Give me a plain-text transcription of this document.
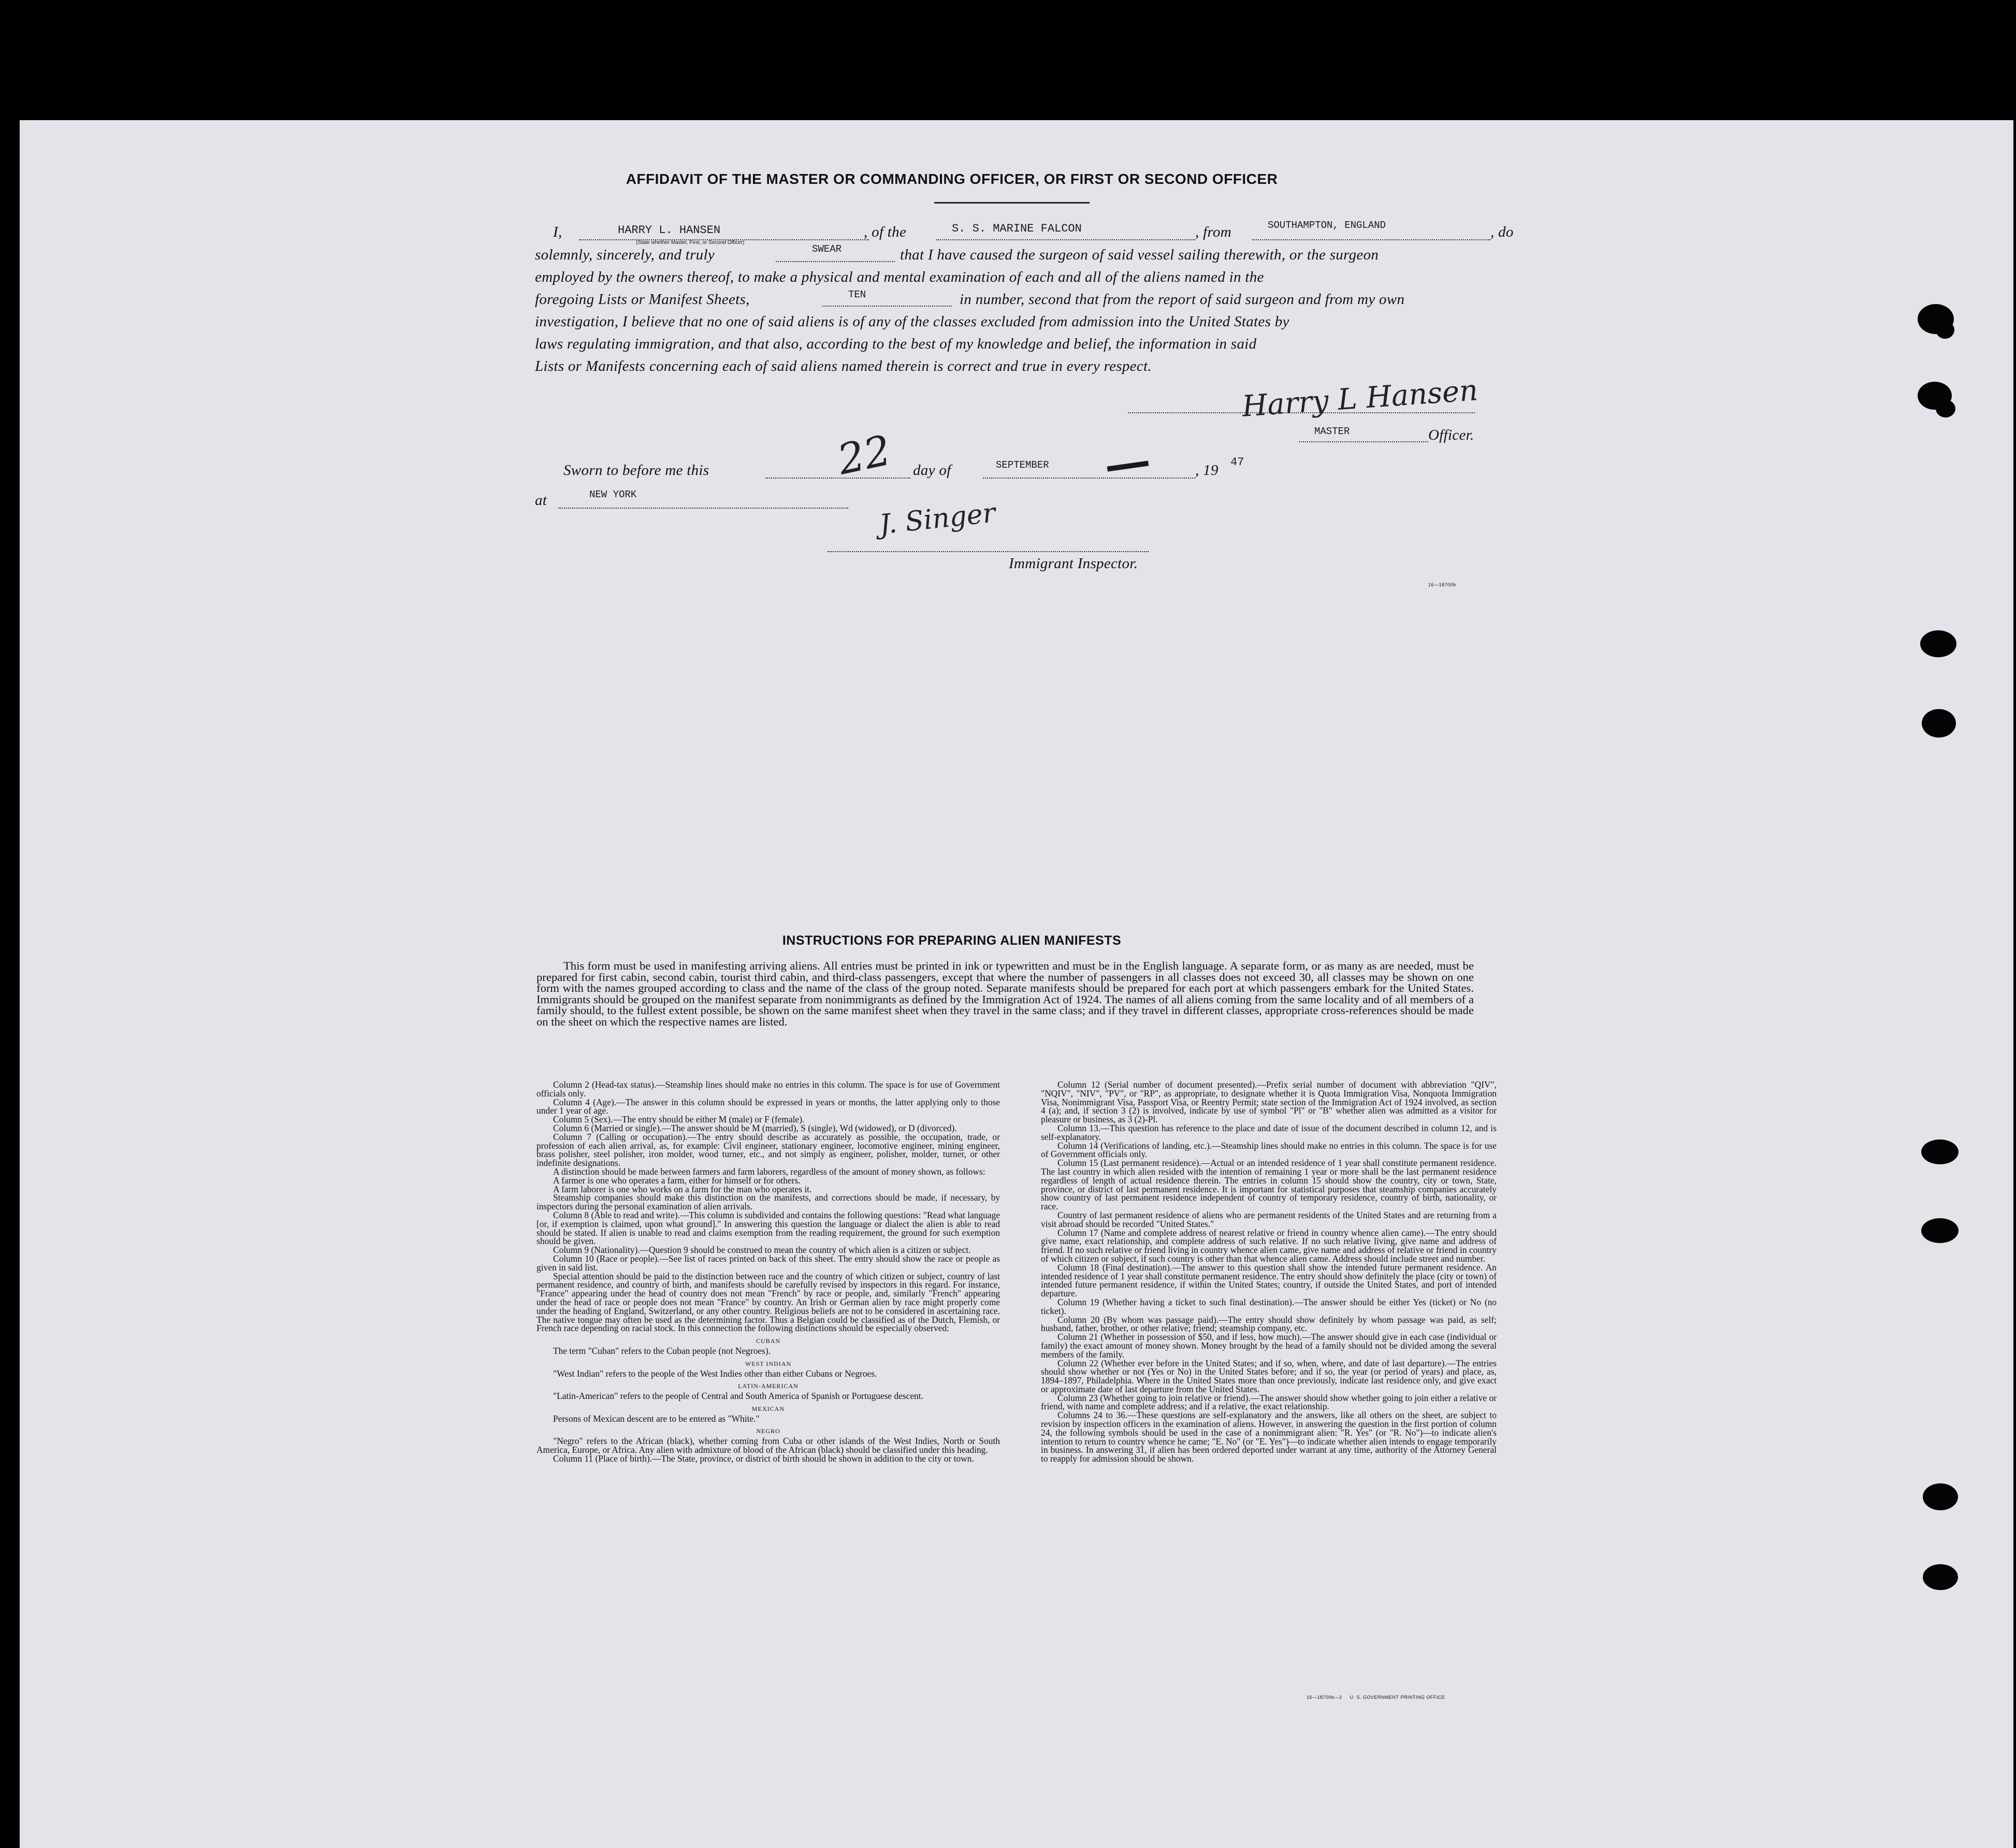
AFFIDAVIT OF THE MASTER OR COMMANDING OFFICER, OR FIRST OR SECOND OFFICER
I,	HARRY L. HANSEN
(State whether Master, First, or Second Officer)
, of the	S. S. MARINE FALCON	, from	SOUTHAMPTON, ENGLAND	, do
solemnly, sincerely, and truly	SWEAR	that I have caused the surgeon of said vessel sailing therewith, or the surgeon
employed by the owners thereof, to make a physical and mental examination of each and all of the aliens named in the
foregoing Lists or Manifest Sheets,	TEN	in number, second that from the report of said surgeon and from my own
investigation, I believe that no one of said aliens is of any of the classes excluded from admission into the United States by
laws regulating immigration, and that also, according to the best of my knowledge and belief, the information in said
Lists or Manifests concerning each of said aliens named therein is correct and true in every respect.
Harry L Hansen
MASTER	Officer.
Sworn to before me this	22 day of	SEPTEMBER	, 19 47
at	NEW YORK
J. Singer
Immigrant Inspector.
16—18700b
INSTRUCTIONS FOR PREPARING ALIEN MANIFESTS
This form must be used in manifesting arriving aliens. All entries must be printed in ink or typewritten and must be in the English language. A separate form, or as many as are needed, must be prepared for first cabin, second cabin, tourist third cabin, and third-class passengers, except that where the number of passengers in all classes does not exceed 30, all classes may be shown on one form with the names grouped according to class and the name of the class of the group noted. Separate manifests should be prepared for each port at which passengers embark for the United States. Immigrants should be grouped on the manifest separate from nonimmigrants as defined by the Immigration Act of 1924. The names of all aliens coming from the same locality and of all members of a family should, to the fullest extent possible, be shown on the same manifest sheet when they travel in the same class; and if they travel in different classes, appropriate cross-references should be made on the sheet on which the respective names are listed.

Column 2 (Head-tax status).—Steamship lines should make no entries in this column. The space is for use of Government officials only.

Column 4 (Age).—The answer in this column should be expressed in years or months, the latter applying only to those under 1 year of age.

Column 5 (Sex).—The entry should be either M (male) or F (female).

Column 6 (Married or single).—The answer should be M (married), S (single), Wd (widowed), or D (divorced).

Column 7 (Calling or occupation).—The entry should describe as accurately as possible, the occupation, trade, or profession of each alien arrival, as, for example: Civil engineer, stationary engineer, locomotive engineer, mining engineer, brass polisher, steel polisher, iron molder, wood turner, etc., and not simply as engineer, polisher, molder, turner, or other indefinite designations.

A distinction should be made between farmers and farm laborers, regardless of the amount of money shown, as follows:

A farmer is one who operates a farm, either for himself or for others.

A farm laborer is one who works on a farm for the man who operates it.

Steamship companies should make this distinction on the manifests, and corrections should be made, if necessary, by inspectors during the personal examination of alien arrivals.

Column 8 (Able to read and write).—This column is subdivided and contains the following questions: "Read what language [or, if exemption is claimed, upon what ground]." In answering this question the language or dialect the alien is able to read should be stated. If alien is unable to read and claims exemption from the reading requirement, the ground for such exemption should be given.

Column 9 (Nationality).—Question 9 should be construed to mean the country of which alien is a citizen or subject.

Column 10 (Race or people).—See list of races printed on back of this sheet. The entry should show the race or people as given in said list.

Special attention should be paid to the distinction between race and the country of which citizen or subject, country of last permanent residence, and country of birth, and manifests should be carefully revised by inspectors in this regard. For instance, "France" appearing under the head of country does not mean "French" by race or people, and, similarly "French" appearing under the head of race or people does not mean "France" by country. An Irish or German alien by race might properly come under the heading of England, Switzerland, or any other country. Religious beliefs are not to be considered in ascertaining race. The native tongue may often be used as the determining factor. Thus a Belgian could be classified as of the Dutch, Flemish, or French race depending on racial stock. In this connection the following distinctions should be especially observed:

CUBAN

The term "Cuban" refers to the Cuban people (not Negroes).

WEST INDIAN

"West Indian" refers to the people of the West Indies other than either Cubans or Negroes.

LATIN-AMERICAN

"Latin-American" refers to the people of Central and South America of Spanish or Portuguese descent.

MEXICAN

Persons of Mexican descent are to be entered as "White."

NEGRO

"Negro" refers to the African (black), whether coming from Cuba or other islands of the West Indies, North or South America, Europe, or Africa. Any alien with admixture of blood of the African (black) should be classified under this heading.

Column 11 (Place of birth).—The State, province, or district of birth should be shown in addition to the city or town.

Column 12 (Serial number of document presented).—Prefix serial number of document with abbreviation "QIV", "NQIV", "NIV", "PV", or "RP", as appropriate, to designate whether it is Quota Immigration Visa, Nonquota Immigration Visa, Nonimmigrant Visa, Passport Visa, or Reentry Permit; state section of the Immigration Act of 1924 involved, as section 4 (a); and, if section 3 (2) is involved, indicate by use of symbol "Pl" or "B" whether alien was admitted as a visitor for pleasure or business, as 3 (2)-Pl.

Column 13.—This question has reference to the place and date of issue of the document described in column 12, and is self-explanatory.

Column 14 (Verifications of landing, etc.).—Steamship lines should make no entries in this column. The space is for use of Government officials only.

Column 15 (Last permanent residence).—Actual or an intended residence of 1 year shall constitute permanent residence. The last country in which alien resided with the intention of remaining 1 year or more shall be the last permanent residence regardless of length of actual residence therein. The entries in column 15 should show the country, city or town, State, province, or district of last permanent residence. It is important for statistical purposes that steamship companies accurately show country of last permanent residence independent of country of temporary residence, country of birth, nationality, or race.

Country of last permanent residence of aliens who are permanent residents of the United States and are returning from a visit abroad should be recorded "United States."

Column 17 (Name and complete address of nearest relative or friend in country whence alien came).—The entry should give name, exact relationship, and complete address of such relative. If no such relative living, give name and address of friend. If no such relative or friend living in country whence alien came, give name and address of relative or friend in country of which citizen or subject, if such country is other than that whence alien came. Address should include street and number.

Column 18 (Final destination).—The answer to this question shall show the intended future permanent residence. An intended residence of 1 year shall constitute permanent residence. The entry should show definitely the place (city or town) of intended future permanent residence, if within the United States; country, if outside the United States, and port of intended departure.

Column 19 (Whether having a ticket to such final destination).—The answer should be either Yes (ticket) or No (no ticket).

Column 20 (By whom was passage paid).—The entry should show definitely by whom passage was paid, as self; husband, father, brother, or other relative; friend; steamship company, etc.

Column 21 (Whether in possession of $50, and if less, how much).—The answer should give in each case (individual or family) the exact amount of money shown. Money brought by the head of a family should not be divided among the several members of the family.

Column 22 (Whether ever before in the United States; and if so, when, where, and date of last departure).—The entries should show whether or not (Yes or No) in the United States before; and if so, the year (or period of years) and place, as, 1894–1897, Philadelphia. Where in the United States more than once previously, indicate last residence only, and give exact or approximate date of last departure from the United States.

Column 23 (Whether going to join relative or friend).—The answer should show whether going to join either a relative or friend, with name and complete address; and if a relative, the exact relationship.

Columns 24 to 36.—These questions are self-explanatory and the answers, like all others on the sheet, are subject to revision by inspection officers in the examination of aliens. However, in answering the question in the first portion of column 24, the following symbols should be used in the case of a nonimmigrant alien: "R. Yes" (or "R. No")—to indicate alien's intention to return to country whence he came; "E. No" (or "E. Yes")—to indicate whether alien intends to engage temporarily in business. In answering 31, if alien has been ordered deported under warrant at any time, authority of the Attorney General to reapply for admission should be shown.

16—18700b—2     U. S. GOVERNMENT PRINTING OFFICE
